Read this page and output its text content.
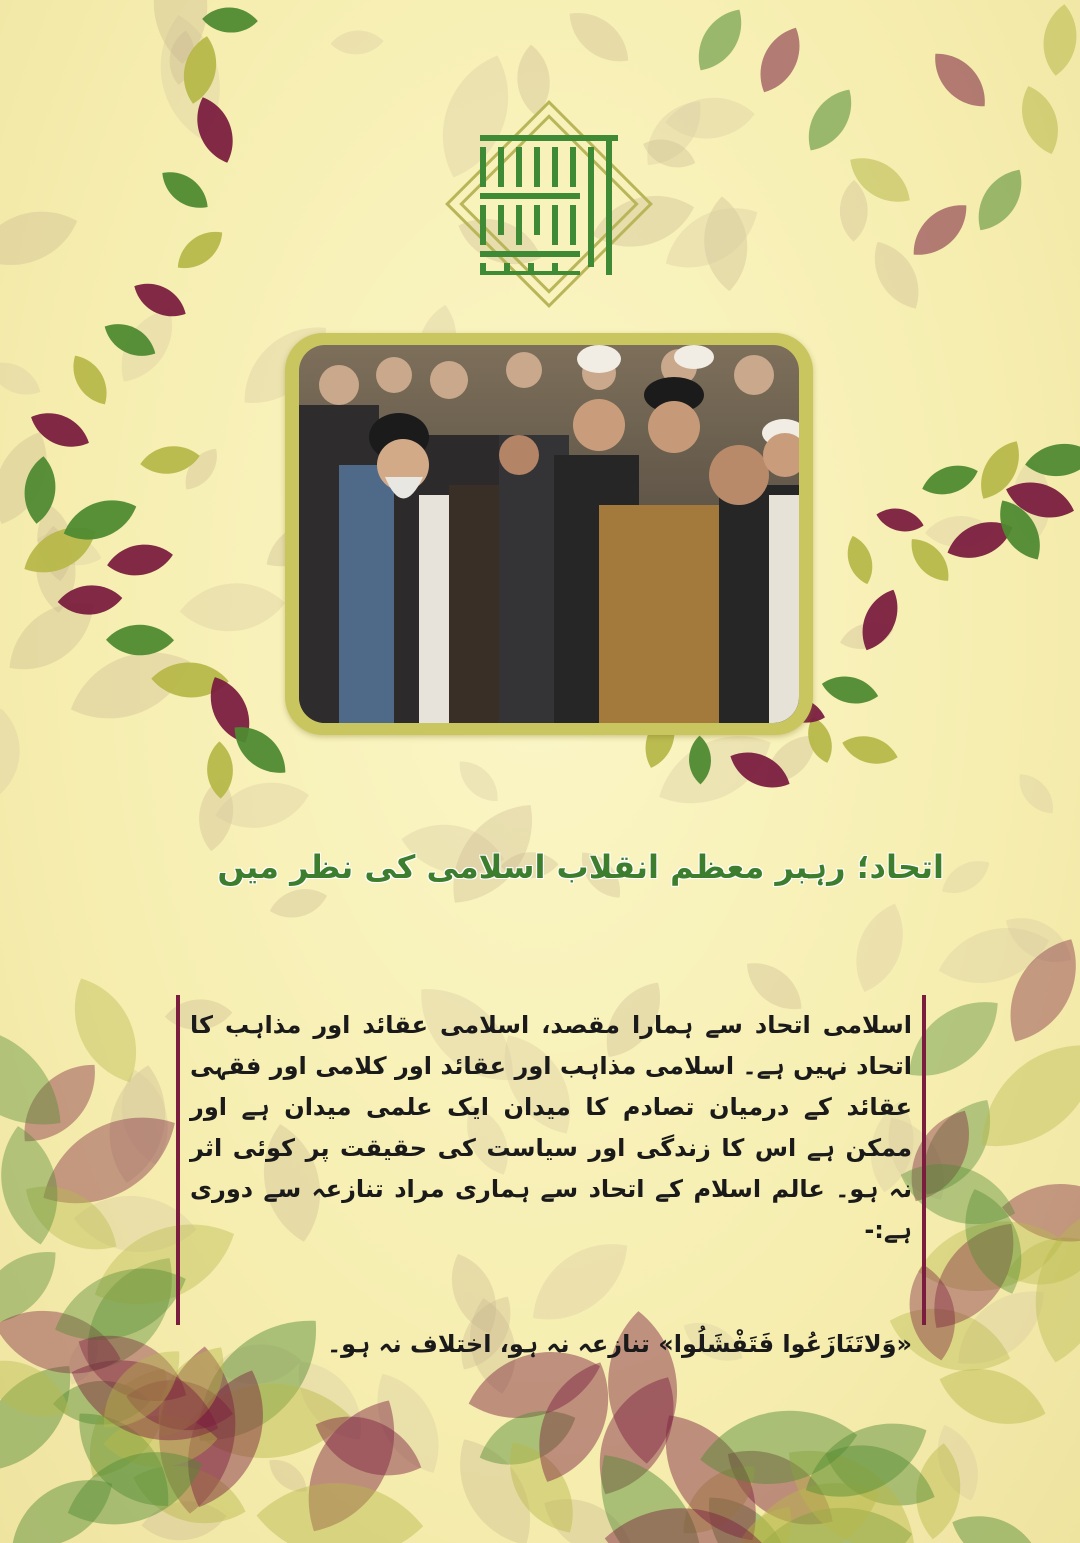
اتحاد؛ رہبر معظم انقلاب اسلامی کی نظر میں

اسلامی اتحاد سے ہمارا مقصد، اسلامی عقائد اور مذاہب کا اتحاد نہیں ہے۔ اسلامی مذاہب اور عقائد اور کلامی اور فقہی عقائد کے درمیان تصادم کا میدان ایک علمی میدان ہے اور ممکن ہے اس کا زندگی اور سیاست کی حقیقت پر کوئی اثر نہ ہو۔ عالم اسلام کے اتحاد سے ہماری مراد تنازعہ سے دوری ہے:-

«وَلاتَنَازَعُوا فَتَفْشَلُوا» تنازعہ نہ ہو، اختلاف نہ ہو۔
